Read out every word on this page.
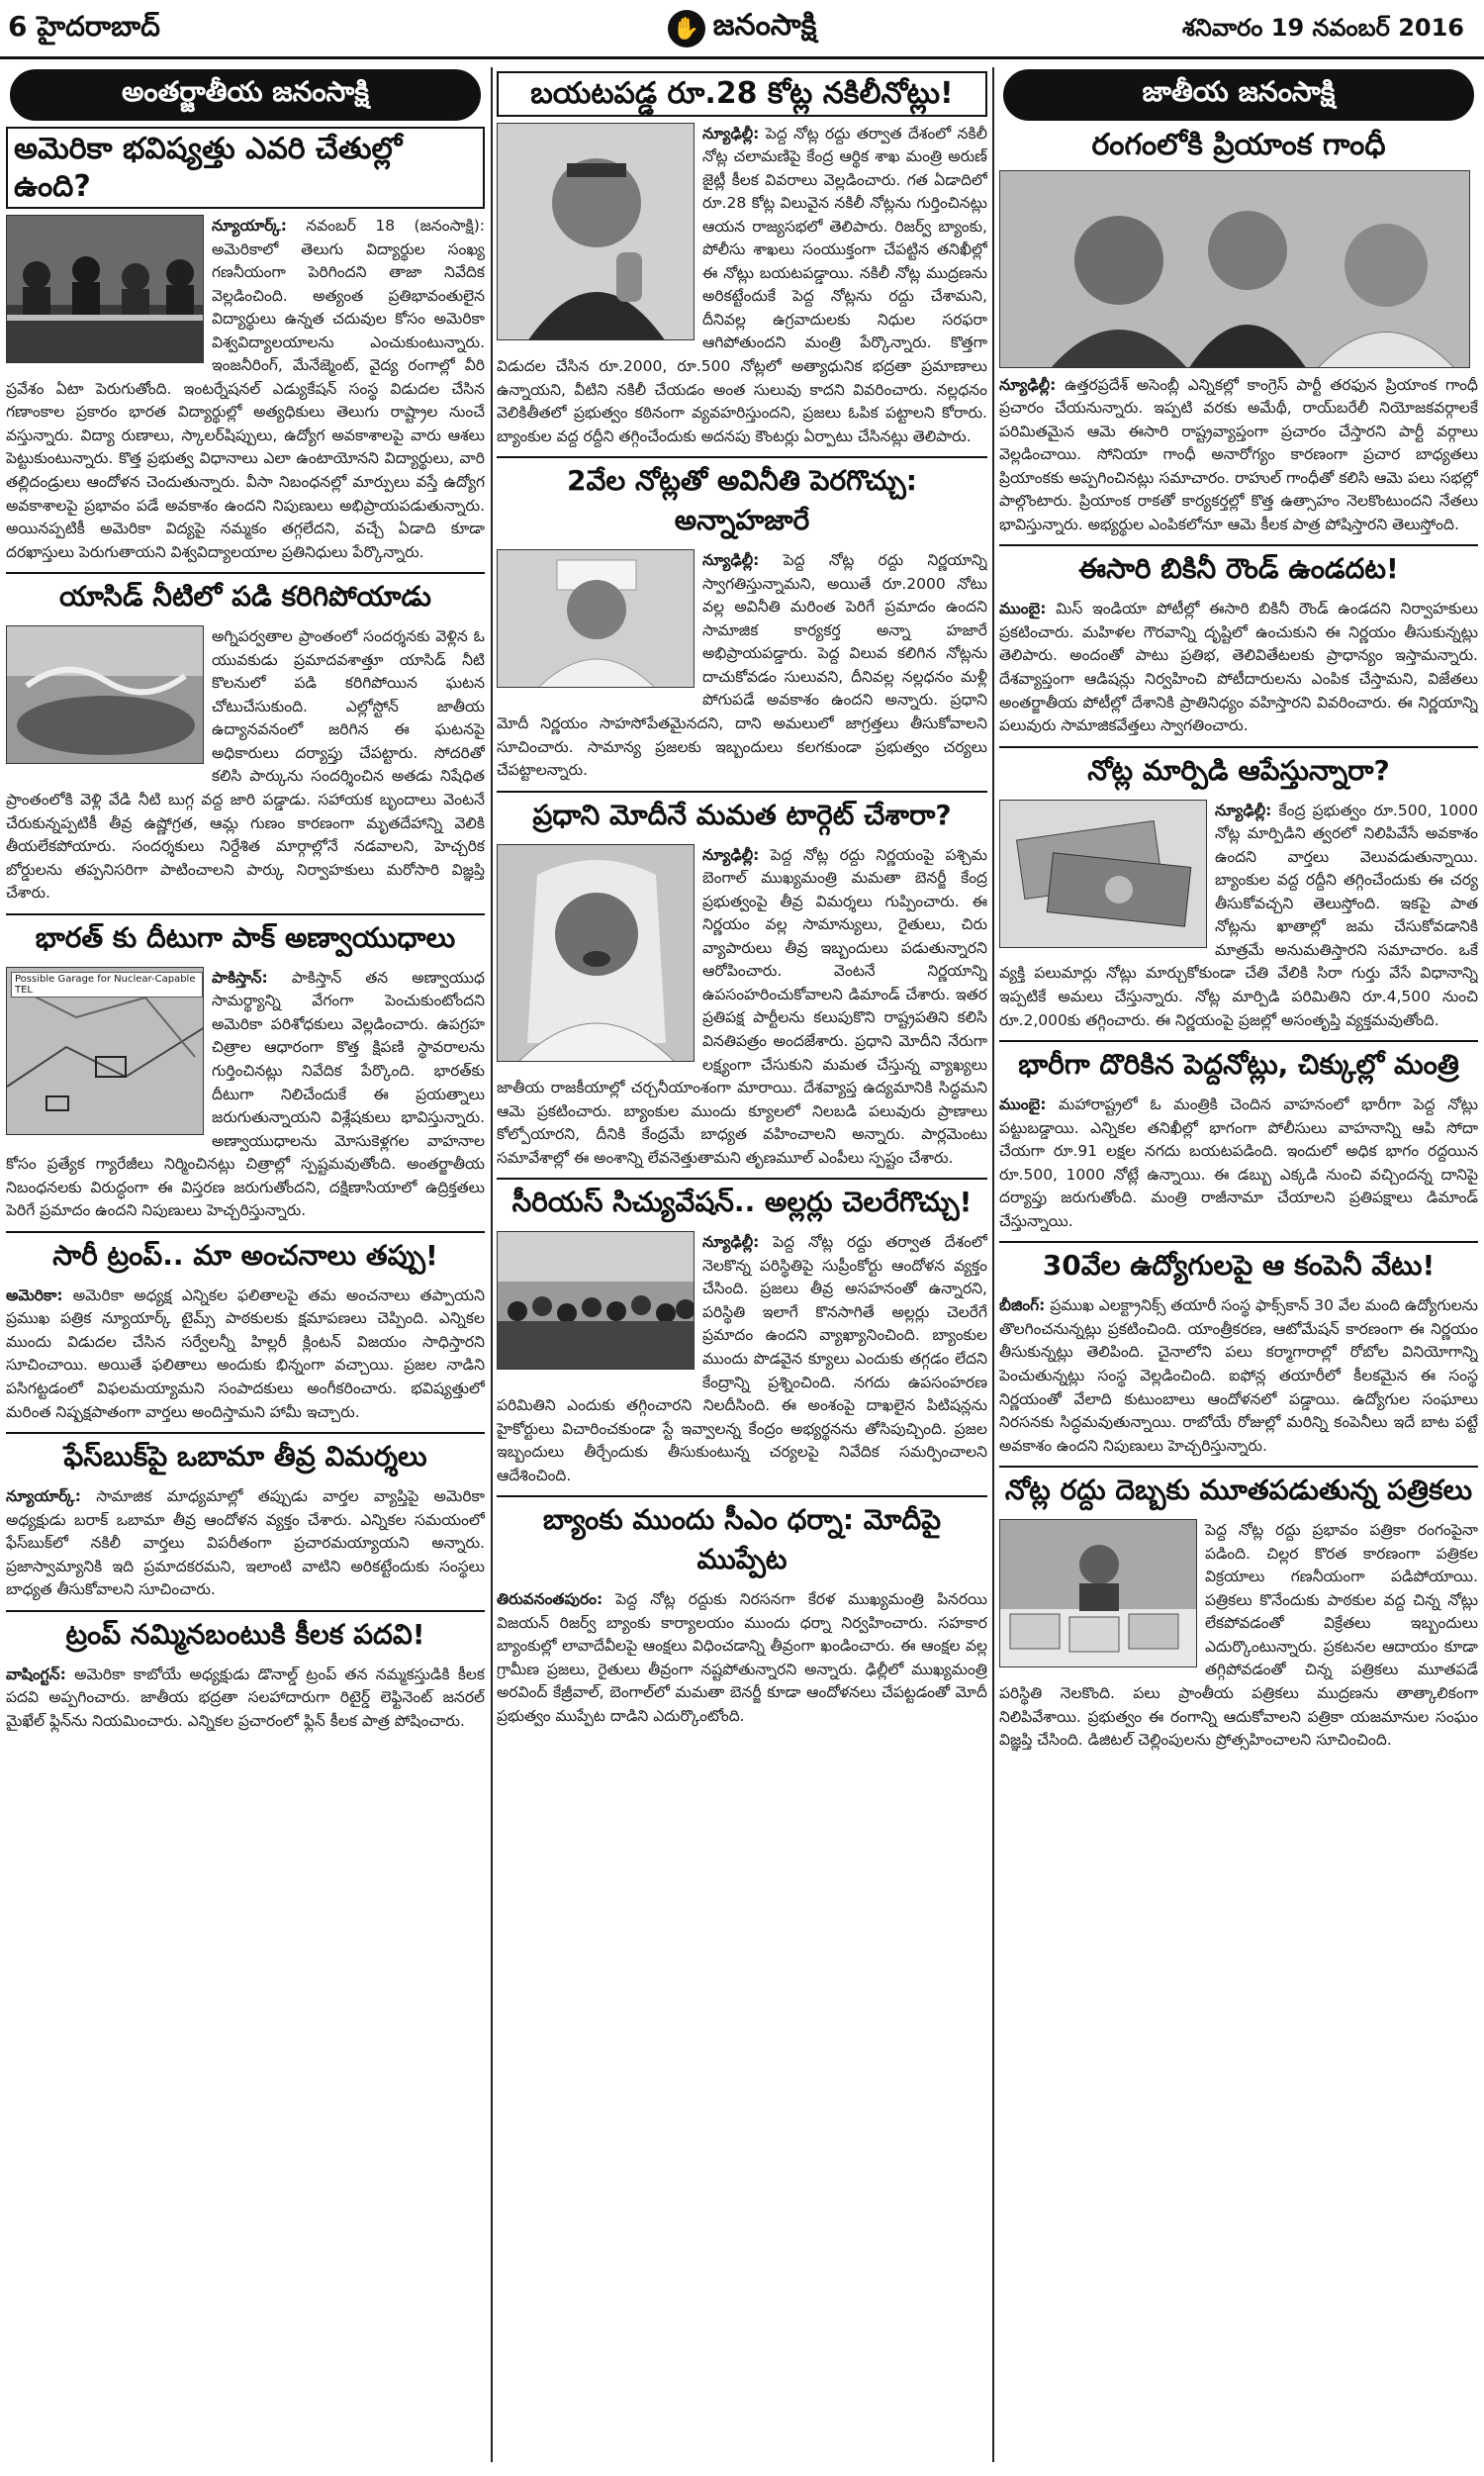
6 హైదరాబాద్	✋ జనంసాక్షి	శనివారం 19 నవంబర్ 2016
అంతర్జాతీయ జనంసాక్షి
అమెరికా భవిష్యత్తు ఎవరి చేతుల్లో ఉంది?

న్యూయార్క్: నవంబర్ 18 (జనంసాక్షి): అమెరికాలో తెలుగు విద్యార్థుల సంఖ్య గణనీయంగా పెరిగిందని తాజా నివేదిక వెల్లడించింది. అత్యంత ప్రతిభావంతులైన విద్యార్థులు ఉన్నత చదువుల కోసం అమెరికా విశ్వవిద్యాలయాలను ఎంచుకుంటున్నారు. ఇంజనీరింగ్, మేనేజ్మెంట్, వైద్య రంగాల్లో వీరి ప్రవేశం ఏటా పెరుగుతోంది. ఇంటర్నేషనల్ ఎడ్యుకేషన్ సంస్థ విడుదల చేసిన గణాంకాల ప్రకారం భారత విద్యార్థుల్లో అత్యధికులు తెలుగు రాష్ట్రాల నుంచే వస్తున్నారు. విద్యా రుణాలు, స్కాలర్‌షిప్పులు, ఉద్యోగ అవకాశాలపై వారు ఆశలు పెట్టుకుంటున్నారు. కొత్త ప్రభుత్వ విధానాలు ఎలా ఉంటాయోనని విద్యార్థులు, వారి తల్లిదండ్రులు ఆందోళన చెందుతున్నారు. వీసా నిబంధనల్లో మార్పులు వస్తే ఉద్యోగ అవకాశాలపై ప్రభావం పడే అవకాశం ఉందని నిపుణులు అభిప్రాయపడుతున్నారు. అయినప్పటికీ అమెరికా విద్యపై నమ్మకం తగ్గలేదని, వచ్చే ఏడాది కూడా దరఖాస్తులు పెరుగుతాయని విశ్వవిద్యాలయాల ప్రతినిధులు పేర్కొన్నారు.

యాసిడ్ నీటిలో పడి కరిగిపోయాడు

అగ్నిపర్వతాల ప్రాంతంలో సందర్శనకు వెళ్లిన ఓ యువకుడు ప్రమాదవశాత్తూ యాసిడ్ నీటి కొలనులో పడి కరిగిపోయిన ఘటన చోటుచేసుకుంది. ఎల్లోస్టోన్ జాతీయ ఉద్యానవనంలో జరిగిన ఈ ఘటనపై అధికారులు దర్యాప్తు చేపట్టారు. సోదరితో కలిసి పార్కును సందర్శించిన అతడు నిషేధిత ప్రాంతంలోకి వెళ్లి వేడి నీటి బుగ్గ వద్ద జారి పడ్డాడు. సహాయక బృందాలు వెంటనే చేరుకున్నప్పటికీ తీవ్ర ఉష్ణోగ్రత, ఆమ్ల గుణం కారణంగా మృతదేహాన్ని వెలికి తీయలేకపోయారు. సందర్శకులు నిర్దేశిత మార్గాల్లోనే నడవాలని, హెచ్చరిక బోర్డులను తప్పనిసరిగా పాటించాలని పార్కు నిర్వాహకులు మరోసారి విజ్ఞప్తి చేశారు.

భారత్ కు దీటుగా పాక్ అణ్వాయుధాలు
Possible Garage for Nuclear-Capable TEL

పాకిస్తాన్: పాకిస్తాన్ తన అణ్వాయుధ సామర్థ్యాన్ని వేగంగా పెంచుకుంటోందని అమెరికా పరిశోధకులు వెల్లడించారు. ఉపగ్రహ చిత్రాల ఆధారంగా కొత్త క్షిపణి స్థావరాలను గుర్తించినట్లు నివేదిక పేర్కొంది. భారత్‌కు దీటుగా నిలిచేందుకే ఈ ప్రయత్నాలు జరుగుతున్నాయని విశ్లేషకులు భావిస్తున్నారు. అణ్వాయుధాలను మోసుకెళ్లగల వాహనాల కోసం ప్రత్యేక గ్యారేజీలు నిర్మించినట్లు చిత్రాల్లో స్పష్టమవుతోంది. అంతర్జాతీయ నిబంధనలకు విరుద్ధంగా ఈ విస్తరణ జరుగుతోందని, దక్షిణాసియాలో ఉద్రిక్తతలు పెరిగే ప్రమాదం ఉందని నిపుణులు హెచ్చరిస్తున్నారు.

సారీ ట్రంప్.. మా అంచనాలు తప్పు!

అమెరికా: అమెరికా అధ్యక్ష ఎన్నికల ఫలితాలపై తమ అంచనాలు తప్పాయని ప్రముఖ పత్రిక న్యూయార్క్ టైమ్స్ పాఠకులకు క్షమాపణలు చెప్పింది. ఎన్నికల ముందు విడుదల చేసిన సర్వేలన్నీ హిల్లరీ క్లింటన్ విజయం సాధిస్తారని సూచించాయి. అయితే ఫలితాలు అందుకు భిన్నంగా వచ్చాయి. ప్రజల నాడిని పసిగట్టడంలో విఫలమయ్యామని సంపాదకులు అంగీకరించారు. భవిష్యత్తులో మరింత నిష్పక్షపాతంగా వార్తలు అందిస్తామని హామీ ఇచ్చారు.

ఫేస్‌బుక్‌పై ఒబామా తీవ్ర విమర్శలు

న్యూయార్క్: సామాజిక మాధ్యమాల్లో తప్పుడు వార్తల వ్యాప్తిపై అమెరికా అధ్యక్షుడు బరాక్ ఒబామా తీవ్ర ఆందోళన వ్యక్తం చేశారు. ఎన్నికల సమయంలో ఫేస్‌బుక్‌లో నకిలీ వార్తలు విపరీతంగా ప్రచారమయ్యాయని అన్నారు. ప్రజాస్వామ్యానికి ఇది ప్రమాదకరమని, ఇలాంటి వాటిని అరికట్టేందుకు సంస్థలు బాధ్యత తీసుకోవాలని సూచించారు.

ట్రంప్ నమ్మినబంటుకి కీలక పదవి!

వాషింగ్టన్: అమెరికా కాబోయే అధ్యక్షుడు డొనాల్డ్ ట్రంప్ తన నమ్మకస్తుడికి కీలక పదవి అప్పగించారు. జాతీయ భద్రతా సలహాదారుగా రిటైర్డ్ లెఫ్టినెంట్ జనరల్ మైఖేల్ ఫ్లిన్‌ను నియమించారు. ఎన్నికల ప్రచారంలో ఫ్లిన్ కీలక పాత్ర పోషించారు.

బయటపడ్డ రూ.28 కోట్ల నకిలీనోట్లు!

న్యూఢిల్లీ: పెద్ద నోట్ల రద్దు తర్వాత దేశంలో నకిలీ నోట్ల చలామణిపై కేంద్ర ఆర్థిక శాఖ మంత్రి అరుణ్ జైట్లీ కీలక వివరాలు వెల్లడించారు. గత ఏడాదిలో రూ.28 కోట్ల విలువైన నకిలీ నోట్లను గుర్తించినట్లు ఆయన రాజ్యసభలో తెలిపారు. రిజర్వ్ బ్యాంకు, పోలీసు శాఖలు సంయుక్తంగా చేపట్టిన తనిఖీల్లో ఈ నోట్లు బయటపడ్డాయి. నకిలీ నోట్ల ముద్రణను అరికట్టేందుకే పెద్ద నోట్లను రద్దు చేశామని, దీనివల్ల ఉగ్రవాదులకు నిధుల సరఫరా ఆగిపోతుందని మంత్రి పేర్కొన్నారు. కొత్తగా విడుదల చేసిన రూ.2000, రూ.500 నోట్లలో అత్యాధునిక భద్రతా ప్రమాణాలు ఉన్నాయని, వీటిని నకిలీ చేయడం అంత సులువు కాదని వివరించారు. నల్లధనం వెలికితీతలో ప్రభుత్వం కఠినంగా వ్యవహరిస్తుందని, ప్రజలు ఓపిక పట్టాలని కోరారు. బ్యాంకుల వద్ద రద్దీని తగ్గించేందుకు అదనపు కౌంటర్లు ఏర్పాటు చేసినట్లు తెలిపారు.

2వేల నోట్లతో అవినీతి పెరగొచ్చు: అన్నాహజారే

న్యూఢిల్లీ: పెద్ద నోట్ల రద్దు నిర్ణయాన్ని స్వాగతిస్తున్నామని, అయితే రూ.2000 నోటు వల్ల అవినీతి మరింత పెరిగే ప్రమాదం ఉందని సామాజిక కార్యకర్త అన్నా హజారే అభిప్రాయపడ్డారు. పెద్ద విలువ కలిగిన నోట్లను దాచుకోవడం సులువని, దీనివల్ల నల్లధనం మళ్లీ పోగుపడే అవకాశం ఉందని అన్నారు. ప్రధాని మోదీ నిర్ణయం సాహసోపేతమైనదని, దాని అమలులో జాగ్రత్తలు తీసుకోవాలని సూచించారు. సామాన్య ప్రజలకు ఇబ్బందులు కలగకుండా ప్రభుత్వం చర్యలు చేపట్టాలన్నారు.

ప్రధాని మోదీనే మమత టార్గెట్ చేశారా?

న్యూఢిల్లీ: పెద్ద నోట్ల రద్దు నిర్ణయంపై పశ్చిమ బెంగాల్ ముఖ్యమంత్రి మమతా బెనర్జీ కేంద్ర ప్రభుత్వంపై తీవ్ర విమర్శలు గుప్పించారు. ఈ నిర్ణయం వల్ల సామాన్యులు, రైతులు, చిరు వ్యాపారులు తీవ్ర ఇబ్బందులు పడుతున్నారని ఆరోపించారు. వెంటనే నిర్ణయాన్ని ఉపసంహరించుకోవాలని డిమాండ్ చేశారు. ఇతర ప్రతిపక్ష పార్టీలను కలుపుకొని రాష్ట్రపతిని కలిసి వినతిపత్రం అందజేశారు. ప్రధాని మోదీని నేరుగా లక్ష్యంగా చేసుకుని మమత చేస్తున్న వ్యాఖ్యలు జాతీయ రాజకీయాల్లో చర్చనీయాంశంగా మారాయి. దేశవ్యాప్త ఉద్యమానికి సిద్ధమని ఆమె ప్రకటించారు. బ్యాంకుల ముందు క్యూలలో నిలబడి పలువురు ప్రాణాలు కోల్పోయారని, దీనికి కేంద్రమే బాధ్యత వహించాలని అన్నారు. పార్లమెంటు సమావేశాల్లో ఈ అంశాన్ని లేవనెత్తుతామని తృణమూల్ ఎంపీలు స్పష్టం చేశారు.

సీరియస్ సిచ్యువేషన్.. అల్లర్లు చెలరేగొచ్చు!

న్యూఢిల్లీ: పెద్ద నోట్ల రద్దు తర్వాత దేశంలో నెలకొన్న పరిస్థితిపై సుప్రీంకోర్టు ఆందోళన వ్యక్తం చేసింది. ప్రజలు తీవ్ర అసహనంతో ఉన్నారని, పరిస్థితి ఇలాగే కొనసాగితే అల్లర్లు చెలరేగే ప్రమాదం ఉందని వ్యాఖ్యానించింది. బ్యాంకుల ముందు పొడవైన క్యూలు ఎందుకు తగ్గడం లేదని కేంద్రాన్ని ప్రశ్నించింది. నగదు ఉపసంహరణ పరిమితిని ఎందుకు తగ్గించారని నిలదీసింది. ఈ అంశంపై దాఖలైన పిటిషన్లను హైకోర్టులు విచారించకుండా స్టే ఇవ్వాలన్న కేంద్రం అభ్యర్థనను తోసిపుచ్చింది. ప్రజల ఇబ్బందులు తీర్చేందుకు తీసుకుంటున్న చర్యలపై నివేదిక సమర్పించాలని ఆదేశించింది.

బ్యాంకు ముందు సీఎం ధర్నా: మోదీపై ముప్పేట

తిరువనంతపురం: పెద్ద నోట్ల రద్దుకు నిరసనగా కేరళ ముఖ్యమంత్రి పినరయి విజయన్ రిజర్వ్ బ్యాంకు కార్యాలయం ముందు ధర్నా నిర్వహించారు. సహకార బ్యాంకుల్లో లావాదేవీలపై ఆంక్షలు విధించడాన్ని తీవ్రంగా ఖండించారు. ఈ ఆంక్షల వల్ల గ్రామీణ ప్రజలు, రైతులు తీవ్రంగా నష్టపోతున్నారని అన్నారు. ఢిల్లీలో ముఖ్యమంత్రి అరవింద్ కేజ్రీవాల్, బెంగాల్‌లో మమతా బెనర్జీ కూడా ఆందోళనలు చేపట్టడంతో మోదీ ప్రభుత్వం ముప్పేట దాడిని ఎదుర్కొంటోంది.

జాతీయ జనంసాక్షి
రంగంలోకి ప్రియాంక గాంధీ

న్యూఢిల్లీ: ఉత్తరప్రదేశ్ అసెంబ్లీ ఎన్నికల్లో కాంగ్రెస్ పార్టీ తరఫున ప్రియాంక గాంధీ ప్రచారం చేయనున్నారు. ఇప్పటి వరకు అమేథీ, రాయ్‌బరేలీ నియోజకవర్గాలకే పరిమితమైన ఆమె ఈసారి రాష్ట్రవ్యాప్తంగా ప్రచారం చేస్తారని పార్టీ వర్గాలు వెల్లడించాయి. సోనియా గాంధీ అనారోగ్యం కారణంగా ప్రచార బాధ్యతలు ప్రియాంకకు అప్పగించినట్లు సమాచారం. రాహుల్ గాంధీతో కలిసి ఆమె పలు సభల్లో పాల్గొంటారు. ప్రియాంక రాకతో కార్యకర్తల్లో కొత్త ఉత్సాహం నెలకొంటుందని నేతలు భావిస్తున్నారు. అభ్యర్థుల ఎంపికలోనూ ఆమె కీలక పాత్ర పోషిస్తారని తెలుస్తోంది.

ఈసారి బికినీ రౌండ్ ఉండదట!

ముంబై: మిస్ ఇండియా పోటీల్లో ఈసారి బికినీ రౌండ్ ఉండదని నిర్వాహకులు ప్రకటించారు. మహిళల గౌరవాన్ని దృష్టిలో ఉంచుకుని ఈ నిర్ణయం తీసుకున్నట్లు తెలిపారు. అందంతో పాటు ప్రతిభ, తెలివితేటలకు ప్రాధాన్యం ఇస్తామన్నారు. దేశవ్యాప్తంగా ఆడిషన్లు నిర్వహించి పోటీదారులను ఎంపిక చేస్తామని, విజేతలు అంతర్జాతీయ పోటీల్లో దేశానికి ప్రాతినిధ్యం వహిస్తారని వివరించారు. ఈ నిర్ణయాన్ని పలువురు సామాజికవేత్తలు స్వాగతించారు.

నోట్ల మార్పిడి ఆపేస్తున్నారా?

న్యూఢిల్లీ: కేంద్ర ప్రభుత్వం రూ.500, 1000 నోట్ల మార్పిడిని త్వరలో నిలిపివేసే అవకాశం ఉందని వార్తలు వెలువడుతున్నాయి. బ్యాంకుల వద్ద రద్దీని తగ్గించేందుకు ఈ చర్య తీసుకోవచ్చని తెలుస్తోంది. ఇకపై పాత నోట్లను ఖాతాల్లో జమ చేసుకోవడానికి మాత్రమే అనుమతిస్తారని సమాచారం. ఒకే వ్యక్తి పలుమార్లు నోట్లు మార్చుకోకుండా చేతి వేలికి సిరా గుర్తు వేసే విధానాన్ని ఇప్పటికే అమలు చేస్తున్నారు. నోట్ల మార్పిడి పరిమితిని రూ.4,500 నుంచి రూ.2,000కు తగ్గించారు. ఈ నిర్ణయంపై ప్రజల్లో అసంతృప్తి వ్యక్తమవుతోంది.

భారీగా దొరికిన పెద్దనోట్లు, చిక్కుల్లో మంత్రి

ముంబై: మహారాష్ట్రలో ఓ మంత్రికి చెందిన వాహనంలో భారీగా పెద్ద నోట్లు పట్టుబడ్డాయి. ఎన్నికల తనిఖీల్లో భాగంగా పోలీసులు వాహనాన్ని ఆపి సోదా చేయగా రూ.91 లక్షల నగదు బయటపడింది. ఇందులో అధిక భాగం రద్దయిన రూ.500, 1000 నోట్లే ఉన్నాయి. ఈ డబ్బు ఎక్కడి నుంచి వచ్చిందన్న దానిపై దర్యాప్తు జరుగుతోంది. మంత్రి రాజీనామా చేయాలని ప్రతిపక్షాలు డిమాండ్ చేస్తున్నాయి.

30వేల ఉద్యోగులపై ఆ కంపెనీ వేటు!

బీజింగ్: ప్రముఖ ఎలక్ట్రానిక్స్ తయారీ సంస్థ ఫాక్స్‌కాన్ 30 వేల మంది ఉద్యోగులను తొలగించనున్నట్లు ప్రకటించింది. యాంత్రీకరణ, ఆటోమేషన్ కారణంగా ఈ నిర్ణయం తీసుకున్నట్లు తెలిపింది. చైనాలోని పలు కర్మాగారాల్లో రోబోల వినియోగాన్ని పెంచుతున్నట్లు సంస్థ వెల్లడించింది. ఐఫోన్ల తయారీలో కీలకమైన ఈ సంస్థ నిర్ణయంతో వేలాది కుటుంబాలు ఆందోళనలో పడ్డాయి. ఉద్యోగుల సంఘాలు నిరసనకు సిద్ధమవుతున్నాయి. రాబోయే రోజుల్లో మరిన్ని కంపెనీలు ఇదే బాట పట్టే అవకాశం ఉందని నిపుణులు హెచ్చరిస్తున్నారు.

నోట్ల రద్దు దెబ్బకు మూతపడుతున్న పత్రికలు

పెద్ద నోట్ల రద్దు ప్రభావం పత్రికా రంగంపైనా పడింది. చిల్లర కొరత కారణంగా పత్రికల విక్రయాలు గణనీయంగా పడిపోయాయి. పత్రికలు కొనేందుకు పాఠకుల వద్ద చిన్న నోట్లు లేకపోవడంతో విక్రేతలు ఇబ్బందులు ఎదుర్కొంటున్నారు. ప్రకటనల ఆదాయం కూడా తగ్గిపోవడంతో చిన్న పత్రికలు మూతపడే పరిస్థితి నెలకొంది. పలు ప్రాంతీయ పత్రికలు ముద్రణను తాత్కాలికంగా నిలిపివేశాయి. ప్రభుత్వం ఈ రంగాన్ని ఆదుకోవాలని పత్రికా యజమానుల సంఘం విజ్ఞప్తి చేసింది. డిజిటల్ చెల్లింపులను ప్రోత్సహించాలని సూచించింది.
